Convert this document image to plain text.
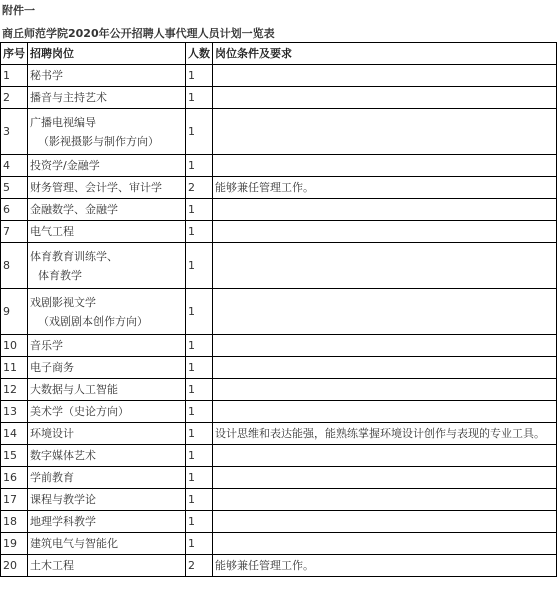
附件一
商丘师范学院2020年公开招聘人事代理人员计划一览表
序号	招聘岗位	人数	岗位条件及要求
1	秘书学	1	
2	播音与主持艺术	1	
3	广播电视编导
（影视摄影与制作方向）	1	
4	投资学/金融学	1	
5	财务管理、会计学、审计学	2	能够兼任管理工作。
6	金融数学、金融学	1	
7	电气工程	1	
8	体育教育训练学、
体育教学	1	
9	戏剧影视文学
（戏剧剧本创作方向）	1	
10	音乐学	1	
11	电子商务	1	
12	大数据与人工智能	1	
13	美术学（史论方向）	1	
14	环境设计	1	设计思维和表达能强，能熟练掌握环境设计创作与表现的专业工具。
15	数字媒体艺术	1	
16	学前教育	1	
17	课程与教学论	1	
18	地理学科教学	1	
19	建筑电气与智能化	1	
20	土木工程	2	能够兼任管理工作。
